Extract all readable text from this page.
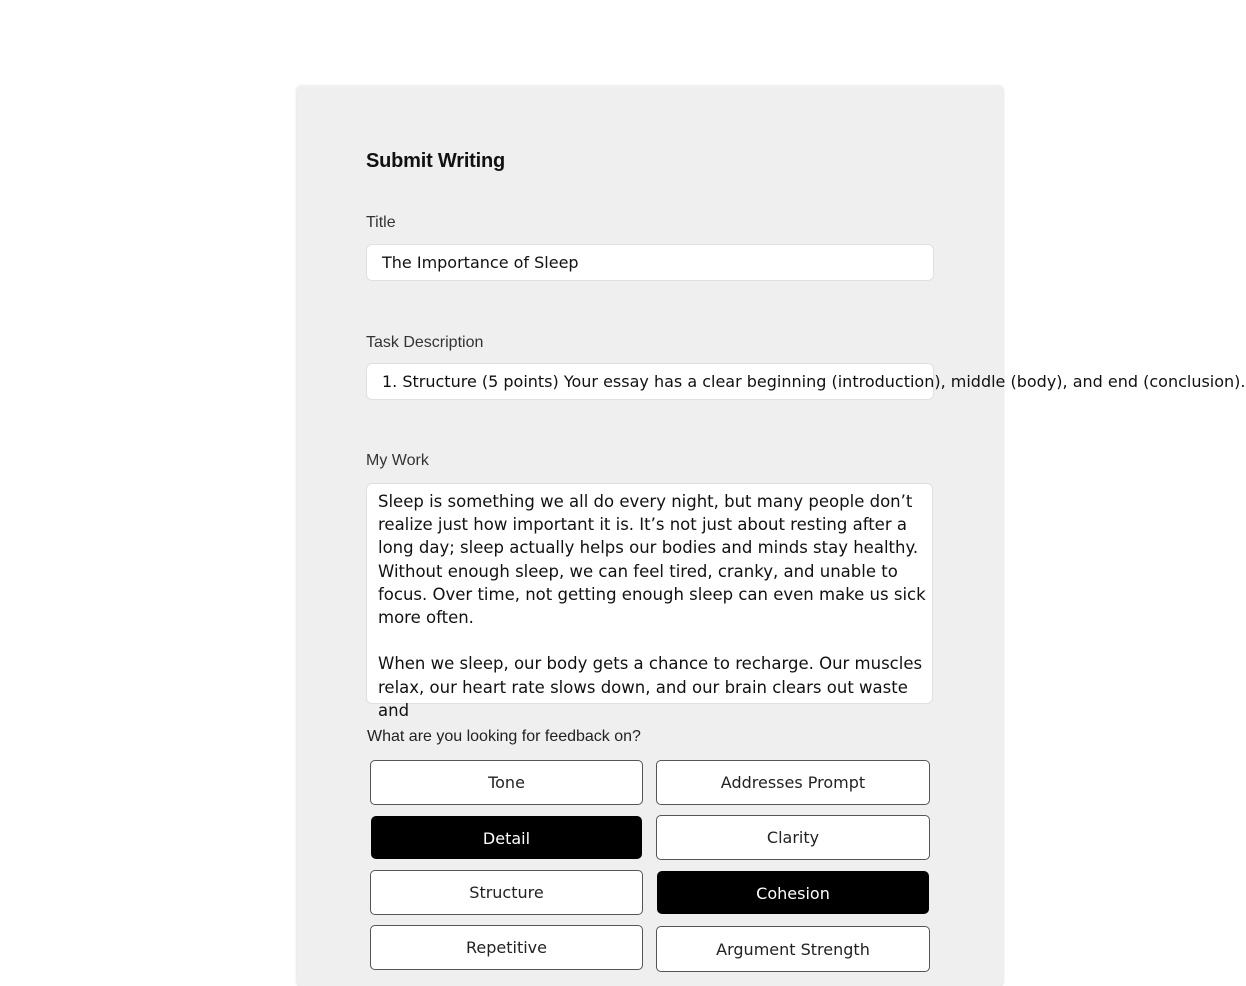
Submit Writing
Title
The Importance of Sleep
Task Description
1. Structure (5 points) Your essay has a clear beginning (introduction), middle (body), and end (conclusion).
My Work
Sleep is something we all do every night, but many people don’t realize just how important it is. It’s not just about resting after a long day; sleep actually helps our bodies and minds stay healthy. Without enough sleep, we can feel tired, cranky, and unable to focus. Over time, not getting enough sleep can even make us sick more often.

When we sleep, our body gets a chance to recharge. Our muscles relax, our heart rate slows down, and our brain clears out waste and
What are you looking for feedback on?
Tone	Addresses Prompt
Detail	Clarity
Structure	Cohesion
Repetitive	Argument Strength
